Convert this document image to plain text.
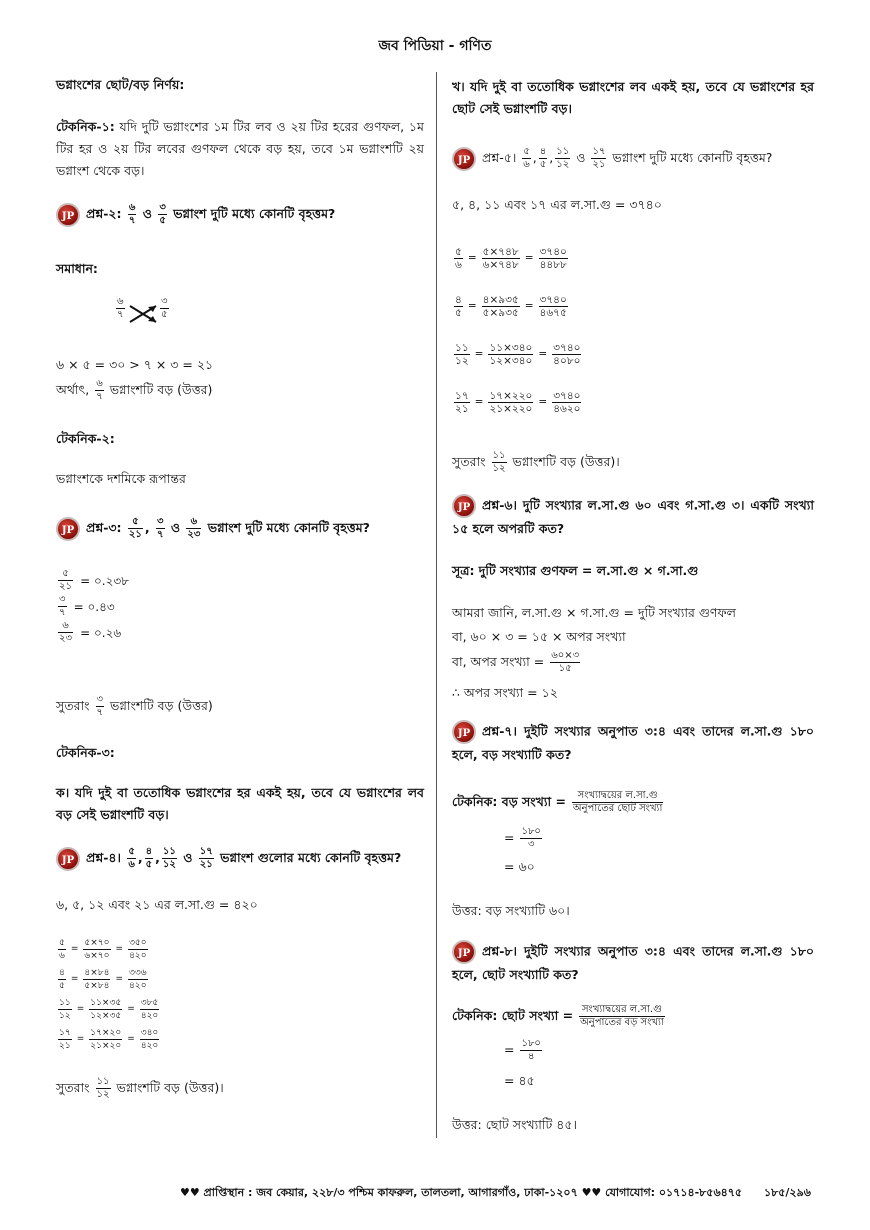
জব পিডিয়া - গণিত
ভগ্নাংশের ছোট/বড় নির্ণয়:
টেকনিক-১: যদি দুটি ভগ্নাংশের ১ম টির লব ও ২য় টির হরের গুণফল, ১ম টির হর ও ২য় টির লবের গুণফল থেকে বড় হয়, তবে ১ম ভগ্নাংশটি ২য় ভগ্নাংশ থেকে বড়।
JP প্রশ্ন-২: $\frac{৬}{৭}$ ও $\frac{৩}{৫}$ ভগ্নাংশ দুটি মধ্যে কোনটি বৃহত্তম?
সমাধান:
৬
৭
৩
৫
৬ × ৫ = ৩০ > ৭ × ৩ = ২১
অর্থাৎ, $\frac{৬}{৭}$ ভগ্নাংশটি বড় (উত্তর)
টেকনিক-২:
ভগ্নাংশকে দশমিকে রূপান্তর
JP প্রশ্ন-৩: $\frac{৫}{২১}$ , $\frac{৩}{৭}$ ও $\frac{৬}{২৩}$ ভগ্নাংশ দুটি মধ্যে কোনটি বৃহত্তম?
$\frac{৫}{২১}$ = ০.২৩৮
$\frac{৩}{৭}$ = ০.৪৩
$\frac{৬}{২৩}$ = ০.২৬
সুতরাং $\frac{৩}{৭}$ ভগ্নাংশটি বড় (উত্তর)
টেকনিক-৩:
ক। যদি দুই বা ততোধিক ভগ্নাংশের হর একই হয়, তবে যে ভগ্নাংশের লব বড় সেই ভগ্নাংশটি বড়।
JP প্রশ্ন-৪। $\frac{৫}{৬}$ , $\frac{৪}{৫}$ , $\frac{১১}{১২}$ ও $\frac{১৭}{২১}$ ভগ্নাংশ গুলোর মধ্যে কোনটি বৃহত্তম?
৬, ৫, ১২ এবং ২১ এর ল.সা.গু = ৪২০
$\frac{৫}{৬} = \frac{৫\times ৭০}{৬\times ৭০} = \frac{৩৫০}{৪২০}$
$\frac{৪}{৫} = \frac{৪\times ৮৪}{৫\times ৮৪} = \frac{৩৩৬}{৪২০}$
$\frac{১১}{১২} = \frac{১১\times ৩৫}{১২\times ৩৫} = \frac{৩৮৫}{৪২০}$
$\frac{১৭}{২১} = \frac{১৭\times ২০}{২১\times ২০} = \frac{৩৪০}{৪২০}$
সুতরাং $\frac{১১}{১২}$ ভগ্নাংশটি বড় (উত্তর)।
খ। যদি দুই বা ততোধিক ভগ্নাংশের লব একই হয়, তবে যে ভগ্নাংশের হর ছোট সেই ভগ্নাংশটি বড়।
JP প্রশ্ন-৫। $\frac{৫}{৬}$ , $\frac{৪}{৫}$ , $\frac{১১}{১২}$ ও $\frac{১৭}{২১}$ ভগ্নাংশ দুটি মধ্যে কোনটি বৃহত্তম?
৫, ৪, ১১ এবং ১৭ এর ল.সা.গু = ৩৭৪০
$\frac{৫}{৬} = \frac{৫\times ৭৪৮}{৬\times ৭৪৮} = \frac{৩৭৪০}{৪৪৮৮}$
$\frac{৪}{৫} = \frac{৪\times ৯৩৫}{৫\times ৯৩৫} = \frac{৩৭৪০}{৪৬৭৫}$
$\frac{১১}{১২} = \frac{১১\times ৩৪০}{১২\times ৩৪০} = \frac{৩৭৪০}{৪০৮০}$
$\frac{১৭}{২১} = \frac{১৭\times ২২০}{২১\times ২২০} = \frac{৩৭৪০}{৪৬২০}$
সুতরাং $\frac{১১}{১২}$ ভগ্নাংশটি বড় (উত্তর)।
JP প্রশ্ন-৬। দুটি সংখ্যার ল.সা.গু ৬০ এবং গ.সা.গু ৩। একটি সংখ্যা ১৫ হলে অপরটি কত?
সূত্র: দুটি সংখ্যার গুণফল = ল.সা.গু × গ.সা.গু
আমরা জানি, ল.সা.গু × গ.সা.গু = দুটি সংখ্যার গুণফল
বা, ৬০ × ৩ = ১৫ × অপর সংখ্যা
বা, অপর সংখ্যা = $\frac{৬০\times ৩}{১৫}$
∴ অপর সংখ্যা = ১২
JP প্রশ্ন-৭। দুইটি সংখ্যার অনুপাত ৩:৪ এবং তাদের ল.সা.গু ১৮০ হলে, বড় সংখ্যাটি কত?
টেকনিক: বড় সংখ্যা = $\frac{\text{সংখ্যাদ্বয়ের ল.সা.গু}}{\text{অনুপাতের ছোট সংখ্যা}}$
= $\frac{১৮০}{৩}$
= ৬০
উত্তর: বড় সংখ্যাটি ৬০।
JP প্রশ্ন-৮। দুইটি সংখ্যার অনুপাত ৩:৪ এবং তাদের ল.সা.গু ১৮০ হলে, ছোট সংখ্যাটি কত?
টেকনিক: ছোট সংখ্যা = $\frac{\text{সংখ্যাদ্বয়ের ল.সা.গু}}{\text{অনুপাতের বড় সংখ্যা}}$
= $\frac{১৮০}{৪}$
= ৪৫
উত্তর: ছোট সংখ্যাটি ৪৫।
♥♥ প্রাপ্তিস্থান : জব কেয়ার, ২২৮/৩ পশ্চিম কাফরুল, তালতলা, আগারগাঁও, ঢাকা-১২০৭ ♥♥ যোগাযোগ: ০১৭১৪-৮৫৬৪৭৫ ১৮৫/২৯৬
